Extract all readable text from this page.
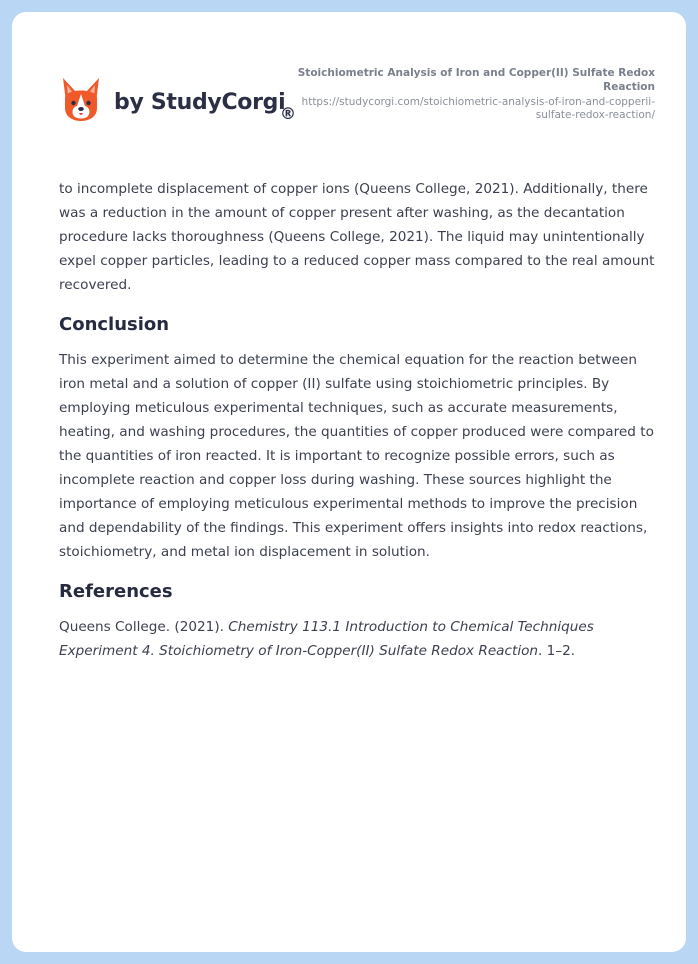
by StudyCorgi
®
Stoichiometric Analysis of Iron and Copper(II) Sulfate Redox Reaction
https://studycorgi.com/stoichiometric-analysis-of-iron-and-copperii-sulfate-redox-reaction/

to incomplete displacement of copper ions (Queens College, 2021). Additionally, there was a reduction in the amount of copper present after washing, as the decantation procedure lacks thoroughness (Queens College, 2021). The liquid may unintentionally expel copper particles, leading to a reduced copper mass compared to the real amount recovered.

Conclusion

This experiment aimed to determine the chemical equation for the reaction between iron metal and a solution of copper (II) sulfate using stoichiometric principles. By employing meticulous experimental techniques, such as accurate measurements, heating, and washing procedures, the quantities of copper produced were compared to the quantities of iron reacted. It is important to recognize possible errors, such as incomplete reaction and copper loss during washing. These sources highlight the importance of employing meticulous experimental methods to improve the precision and dependability of the findings. This experiment offers insights into redox reactions, stoichiometry, and metal ion displacement in solution.

References

Queens College. (2021). Chemistry 113.1 Introduction to Chemical Techniques Experiment 4. Stoichiometry of Iron-Copper(II) Sulfate Redox Reaction. 1–2.
